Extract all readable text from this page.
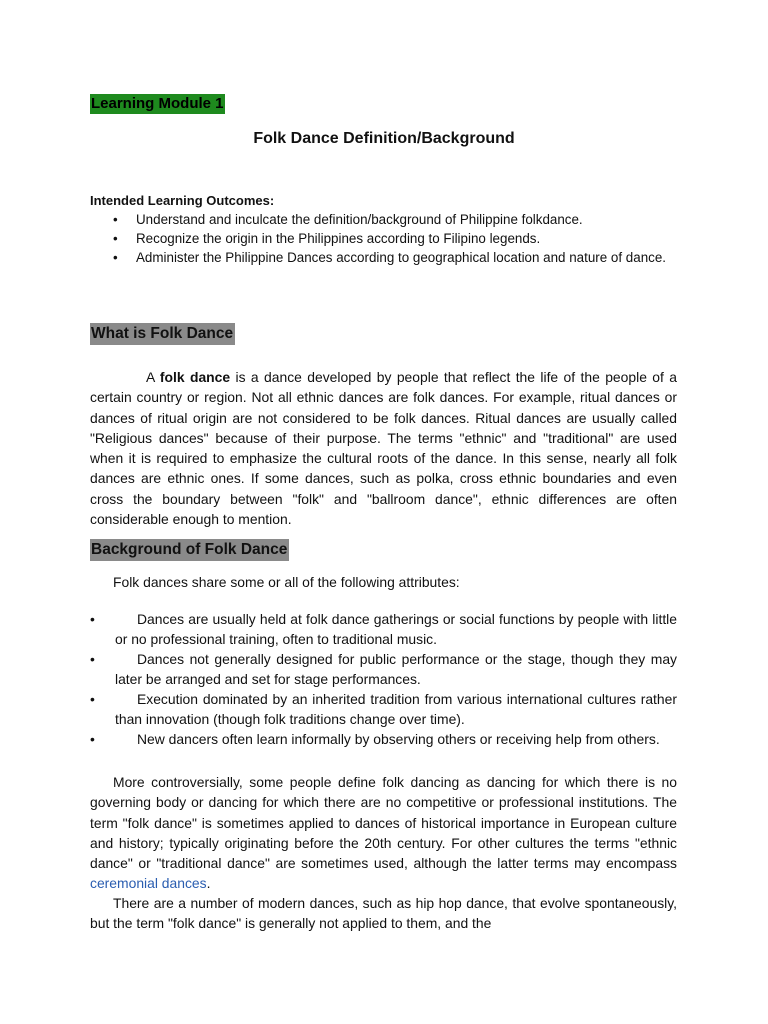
Learning Module 1
Folk Dance Definition/Background
Intended Learning Outcomes:
• Understand and inculcate the definition/background of Philippine folkdance.
• Recognize the origin in the Philippines according to Filipino legends.
• Administer the Philippine Dances according to geographical location and nature of dance.
What is Folk Dance
A folk dance is a dance developed by people that reflect the life of the people of a certain country or region. Not all ethnic dances are folk dances. For example, ritual dances or dances of ritual origin are not considered to be folk dances. Ritual dances are usually called "Religious dances" because of their purpose. The terms "ethnic" and "traditional" are used when it is required to emphasize the cultural roots of the dance. In this sense, nearly all folk dances are ethnic ones. If some dances, such as polka, cross ethnic boundaries and even cross the boundary between "folk" and "ballroom dance", ethnic differences are often considerable enough to mention.
Background of Folk Dance
Folk dances share some or all of the following attributes:
•	Dances are usually held at folk dance gatherings or social functions by people with little or no professional training, often to traditional music.
•	Dances not generally designed for public performance or the stage, though they may later be arranged and set for stage performances.
•	Execution dominated by an inherited tradition from various international cultures rather than innovation (though folk traditions change over time).
•	New dancers often learn informally by observing others or receiving help from others.
More controversially, some people define folk dancing as dancing for which there is no governing body or dancing for which there are no competitive or professional institutions. The term "folk dance" is sometimes applied to dances of historical importance in European culture and history; typically originating before the 20th century. For other cultures the terms "ethnic dance" or "traditional dance" are sometimes used, although the latter terms may encompass ceremonial dances.
There are a number of modern dances, such as hip hop dance, that evolve spontaneously, but the term "folk dance" is generally not applied to them, and the
